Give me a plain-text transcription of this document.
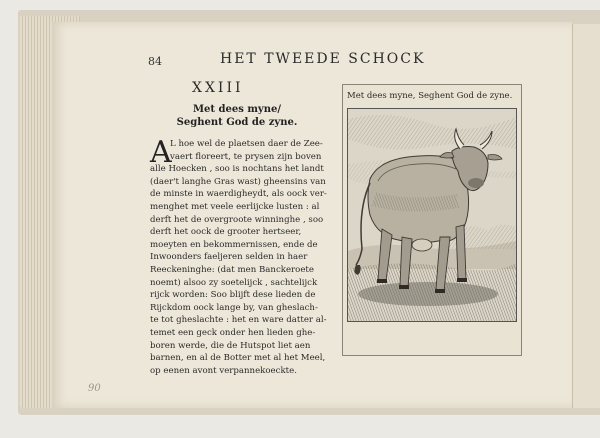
84	HET TWEEDE SCHOCK
XXIII
Met dees myne/
Seghent God de zyne.
A
L hoe wel de plaetsen daer de Zee-
vaert floreert, te prysen zijn boven
alle Hoecken , soo is nochtans het landt
(daer't langhe Gras wast) gheensins van
de minste in waerdigheydt, als oock ver-
menghet met veele eerlijcke lusten : al
derft het de overgroote winninghe , soo
derft het oock de grooter hertseer,
moeyten en bekommernissen, ende de
Inwoonders faeljeren selden in haer
Reeckeninghe: (dat men Banckeroete
noemt) alsoo zy soetelijck , sachtelijck
rijck worden: Soo blijft dese lieden de
Rijckdom oock lange by, van gheslach-
te tot gheslachte : het en ware datter al-
temet een geck onder hen lieden ghe-
boren werde, die de Hutspot liet aen
barnen, en al de Botter met al het Meel,
op eenen avont verpannekoeckte.
Met dees myne, Seghent God de zyne.
90
